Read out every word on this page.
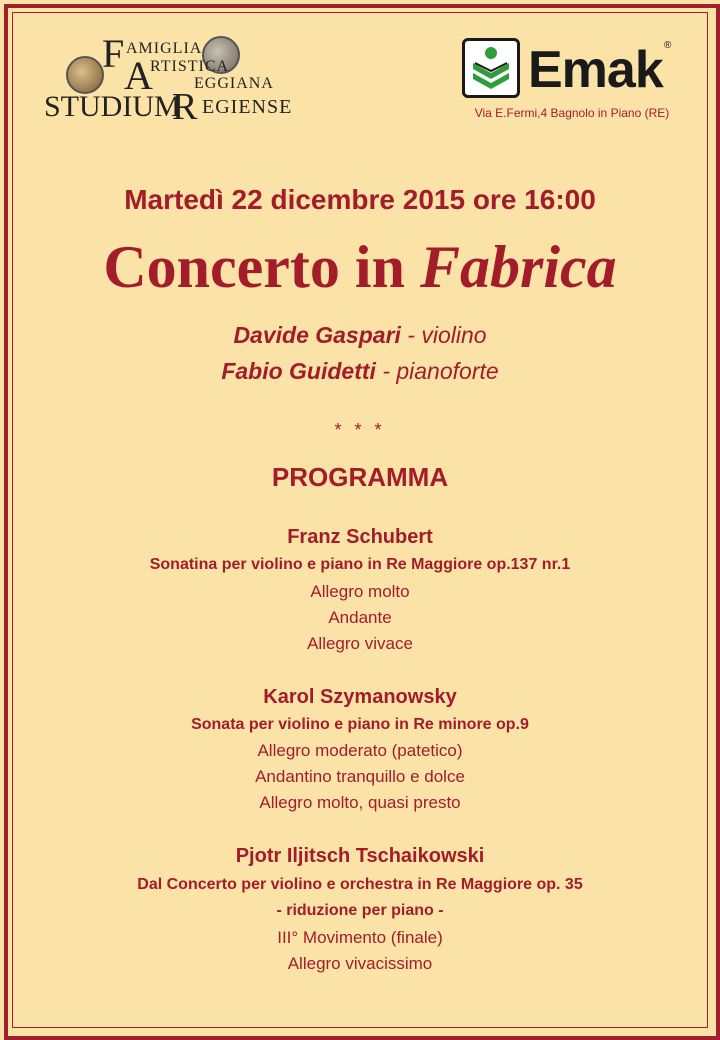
F AMIGLIA
A
RTISTICA
EGGIANA
STUDIUM
R EGIENSE
Emak ®
Via E.Fermi,4 Bagnolo in Piano (RE)
Martedì 22 dicembre 2015 ore 16:00
Concerto in Fabrica
Davide Gaspari - violino
Fabio Guidetti - pianoforte
* * *
PROGRAMMA
Franz Schubert
Sonatina per violino e piano in Re Maggiore op.137 nr.1
Allegro molto
Andante
Allegro vivace
Karol Szymanowsky
Sonata per violino e piano in Re minore op.9
Allegro moderato (patetico)
Andantino tranquillo e dolce
Allegro molto, quasi presto
Pjotr Iljitsch Tschaikowski
Dal Concerto per violino e orchestra in Re Maggiore op. 35
- riduzione per piano -
III° Movimento (finale)
Allegro vivacissimo
